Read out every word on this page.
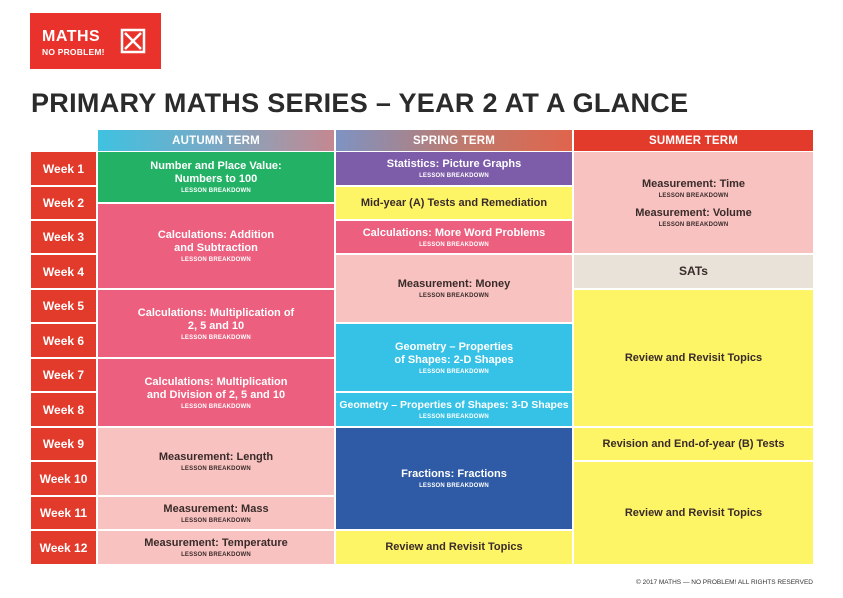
MATHS
NO PROBLEM!
PRIMARY MATHS SERIES – YEAR 2 AT A GLANCE
AUTUMN TERM	SPRING TERM	SUMMER TERM
Week 1
Week 2
Week 3
Week 4
Week 5
Week 6
Week 7
Week 8
Week 9
Week 10
Week 11
Week 12
Number and Place Value: Numbers to 100
LESSON BREAKDOWN
Calculations: Addition and Subtraction
LESSON BREAKDOWN
Calculations: Multiplication of 2, 5 and 10
LESSON BREAKDOWN
Calculations: Multiplication and Division of 2, 5 and 10
LESSON BREAKDOWN
Measurement: Length
LESSON BREAKDOWN
Measurement: Mass
LESSON BREAKDOWN
Measurement: Temperature
LESSON BREAKDOWN
Statistics: Picture Graphs
LESSON BREAKDOWN
Mid-year (A) Tests and Remediation
Calculations: More Word Problems
LESSON BREAKDOWN
Measurement: Money
LESSON BREAKDOWN
Geometry – Properties of Shapes: 2-D Shapes
LESSON BREAKDOWN
Geometry – Properties of Shapes: 3-D Shapes
LESSON BREAKDOWN
Fractions: Fractions
LESSON BREAKDOWN
Review and Revisit Topics
Measurement: Time
LESSON BREAKDOWN
Measurement: Volume
LESSON BREAKDOWN
SATs
Review and Revisit Topics
Revision and End-of-year (B) Tests
Review and Revisit Topics
© 2017 MATHS — NO PROBLEM! ALL RIGHTS RESERVED
